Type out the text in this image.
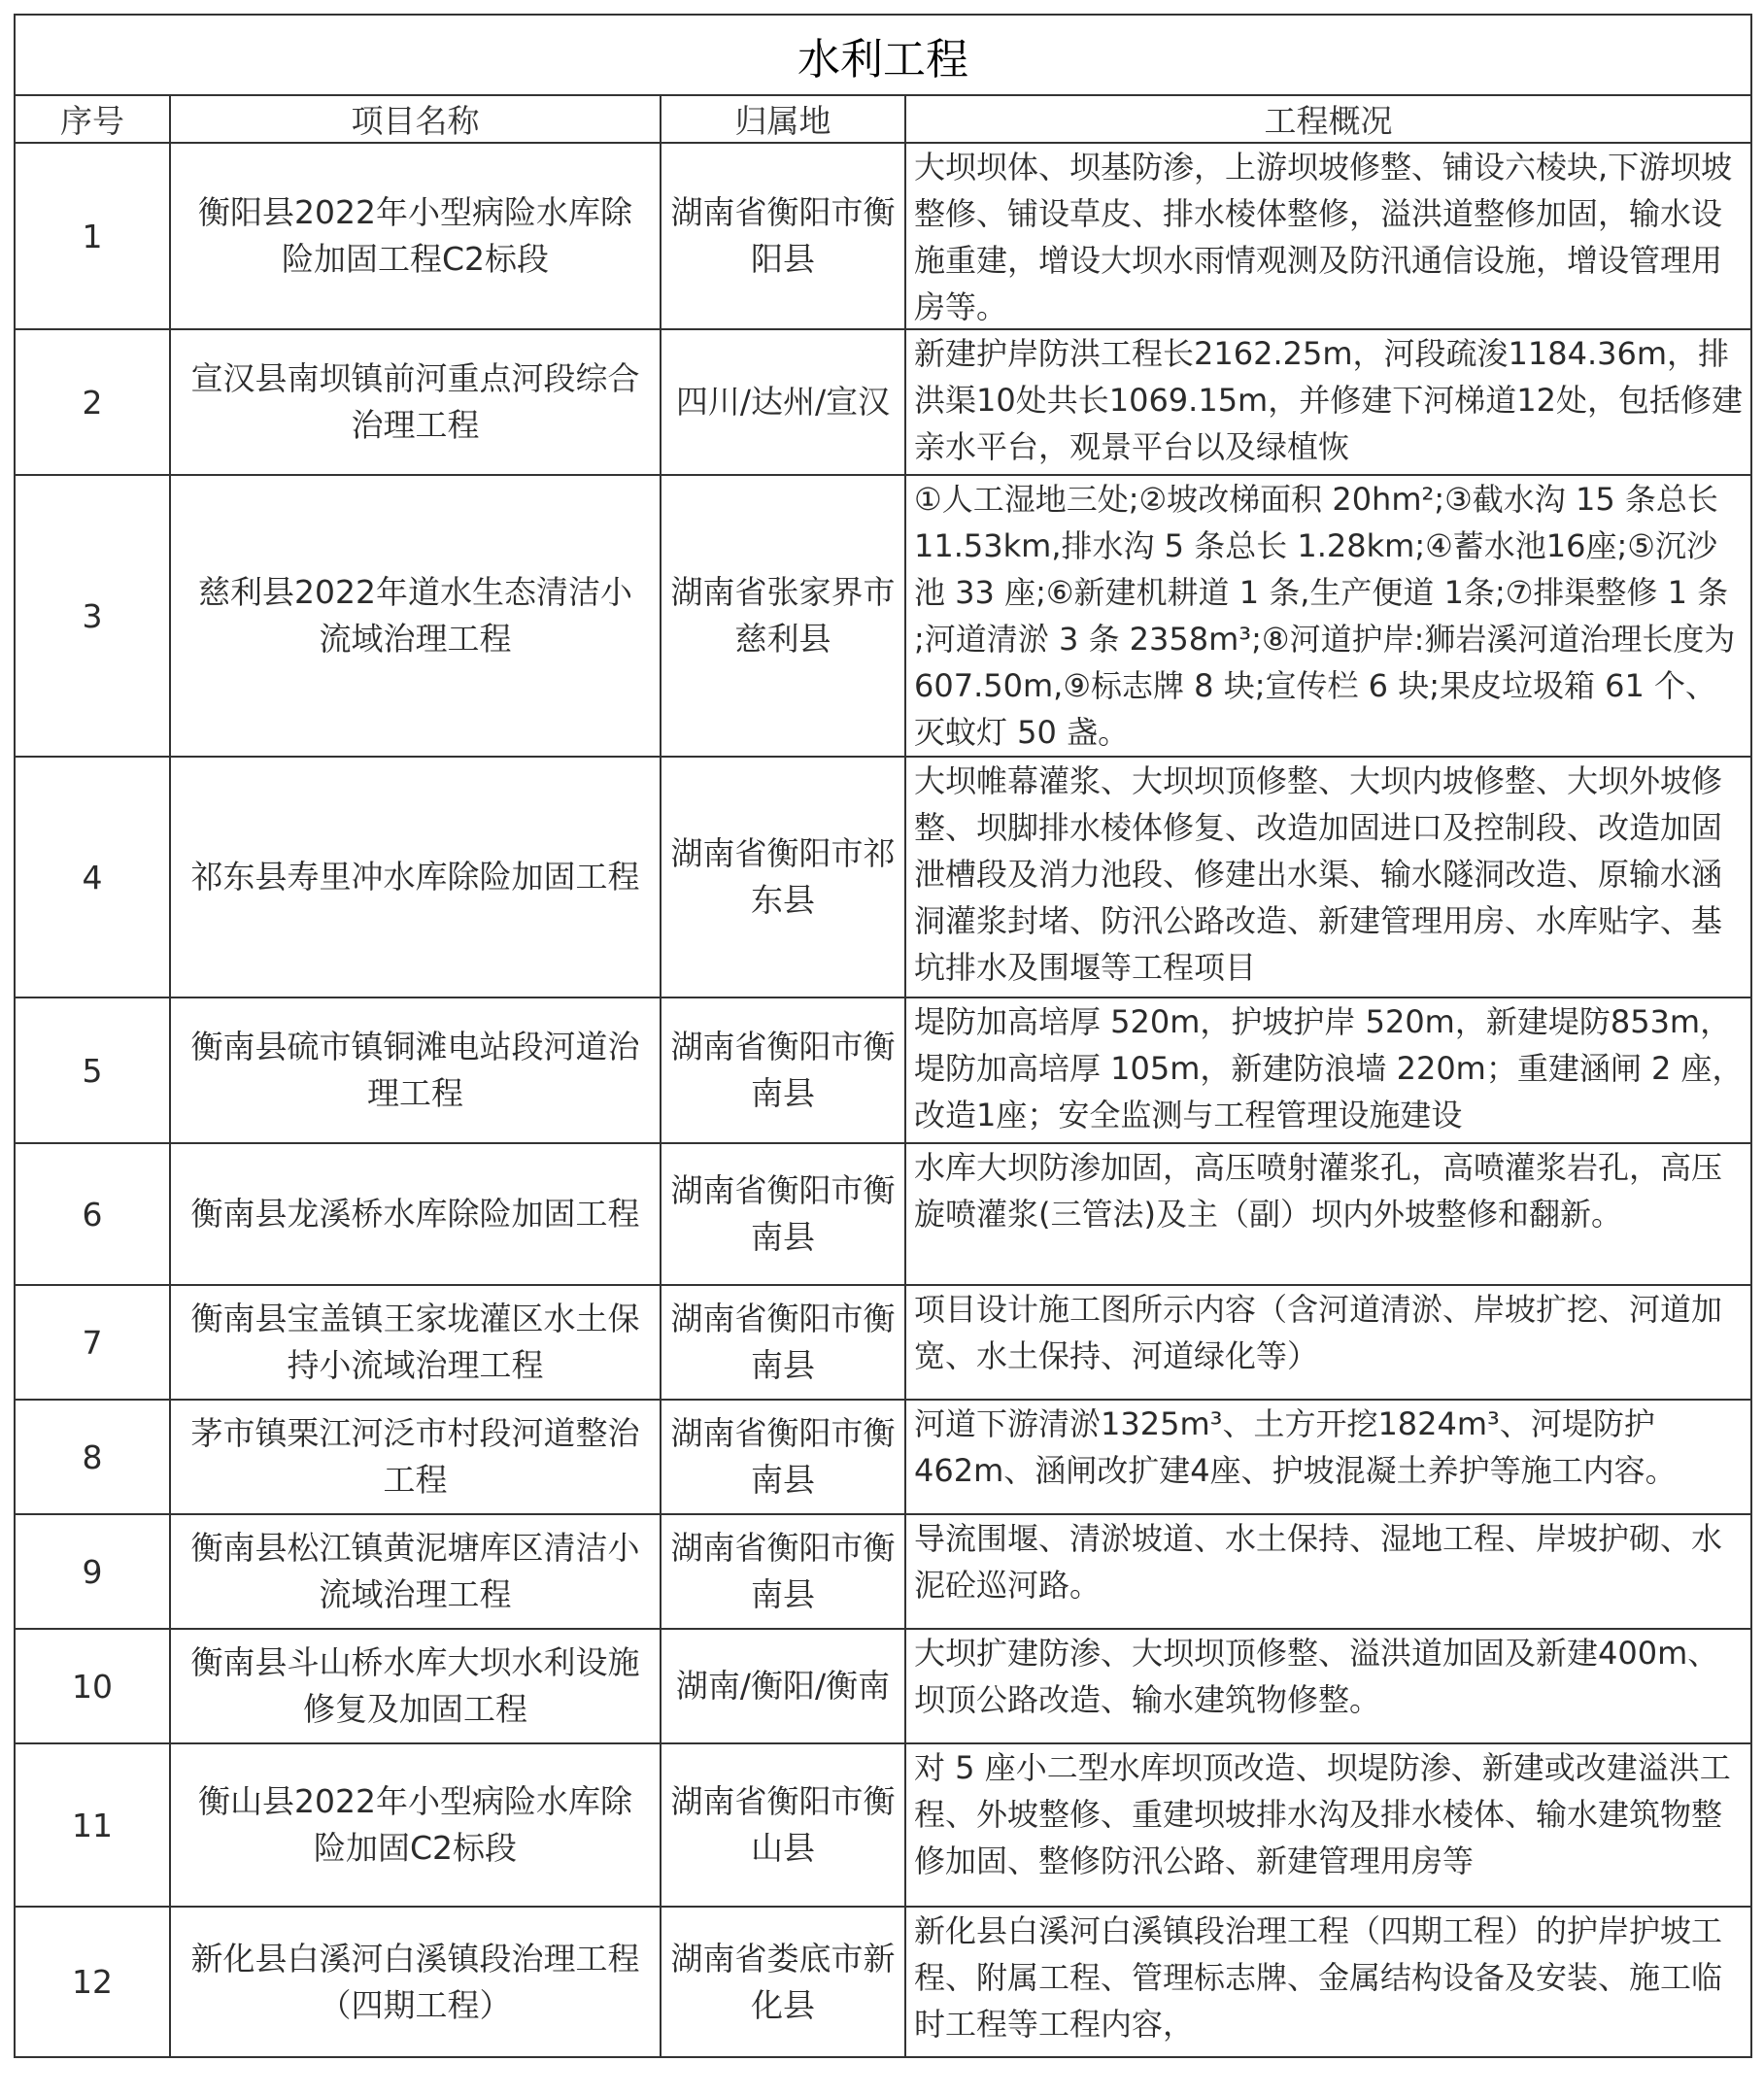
水利工程			
序号	项目名称	归属地	工程概况
1	衡阳县2022年小型病险水库除险加固工程C2标段	湖南省衡阳市衡阳县	大坝坝体、坝基防渗，上游坝坡修整、铺设六棱块,下游坝坡整修、铺设草皮、排水棱体整修，溢洪道整修加固，输水设施重建，增设大坝水雨情观测及防汛通信设施，增设管理用房等。

2	宣汉县南坝镇前河重点河段综合治理工程	四川/达州/宣汉	新建护岸防洪工程长2162.25m，河段疏浚1184.36m，排洪渠10处共长1069.15m，并修建下河梯道12处，包括修建亲水平台，观景平台以及绿植恢

3	慈利县2022年道水生态清洁小流域治理工程	湖南省张家界市慈利县	①人工湿地三处;②坡改梯面积 20hm²;③截水沟 15 条总长 11.53km,排水沟 5 条总长 1.28km;④蓄水池16座;⑤沉沙池 33 座;⑥新建机耕道 1 条,生产便道 1条;⑦排渠整修 1 条 ;河道清淤 3 条 2358m³;⑧河道护岸:狮岩溪河道治理长度为 607.50m,⑨标志牌 8 块;宣传栏 6 块;果皮垃圾箱 61 个、灭蚊灯 50 盏。

4	祁东县寿里冲水库除险加固工程	湖南省衡阳市祁东县	大坝帷幕灌浆、大坝坝顶修整、大坝内坡修整、大坝外坡修整、坝脚排水棱体修复、改造加固进口及控制段、改造加固泄槽段及消力池段、修建出水渠、输水隧洞改造、原输水涵洞灌浆封堵、防汛公路改造、新建管理用房、水库贴字、基坑排水及围堰等工程项目

5	衡南县硫市镇铜滩电站段河道治理工程	湖南省衡阳市衡南县	堤防加高培厚 520m，护坡护岸 520m，新建堤防853m，堤防加高培厚 105m，新建防浪墙 220m；重建涵闸 2 座，改造1座；安全监测与工程管理设施建设

6	衡南县龙溪桥水库除险加固工程	湖南省衡阳市衡南县	水库大坝防渗加固，高压喷射灌浆孔，高喷灌浆岩孔，高压旋喷灌浆(三管法)及主（副）坝内外坡整修和翻新。

7	衡南县宝盖镇王家垅灌区水土保持小流域治理工程	湖南省衡阳市衡南县	项目设计施工图所示内容（含河道清淤、岸坡扩挖、河道加宽、水土保持、河道绿化等）

8	茅市镇栗江河泛市村段河道整治工程	湖南省衡阳市衡南县	河道下游清淤1325m³、土方开挖1824m³、河堤防护462m、涵闸改扩建4座、护坡混凝土养护等施工内容。

9	衡南县松江镇黄泥塘库区清洁小流域治理工程	湖南省衡阳市衡南县	导流围堰、清淤坡道、水土保持、湿地工程、岸坡护砌、水泥砼巡河路。

10	衡南县斗山桥水库大坝水利设施修复及加固工程	湖南/衡阳/衡南	大坝扩建防渗、大坝坝顶修整、溢洪道加固及新建400m、坝顶公路改造、输水建筑物修整。

11	衡山县2022年小型病险水库除险加固C2标段	湖南省衡阳市衡山县	对 5 座小二型水库坝顶改造、坝堤防渗、新建或改建溢洪工程、外坡整修、重建坝坡排水沟及排水棱体、输水建筑物整修加固、整修防汛公路、新建管理用房等

12	新化县白溪河白溪镇段治理工程（四期工程）	湖南省娄底市新化县	新化县白溪河白溪镇段治理工程（四期工程）的护岸护坡工程、附属工程、管理标志牌、金属结构设备及安装、施工临时工程等工程内容，
